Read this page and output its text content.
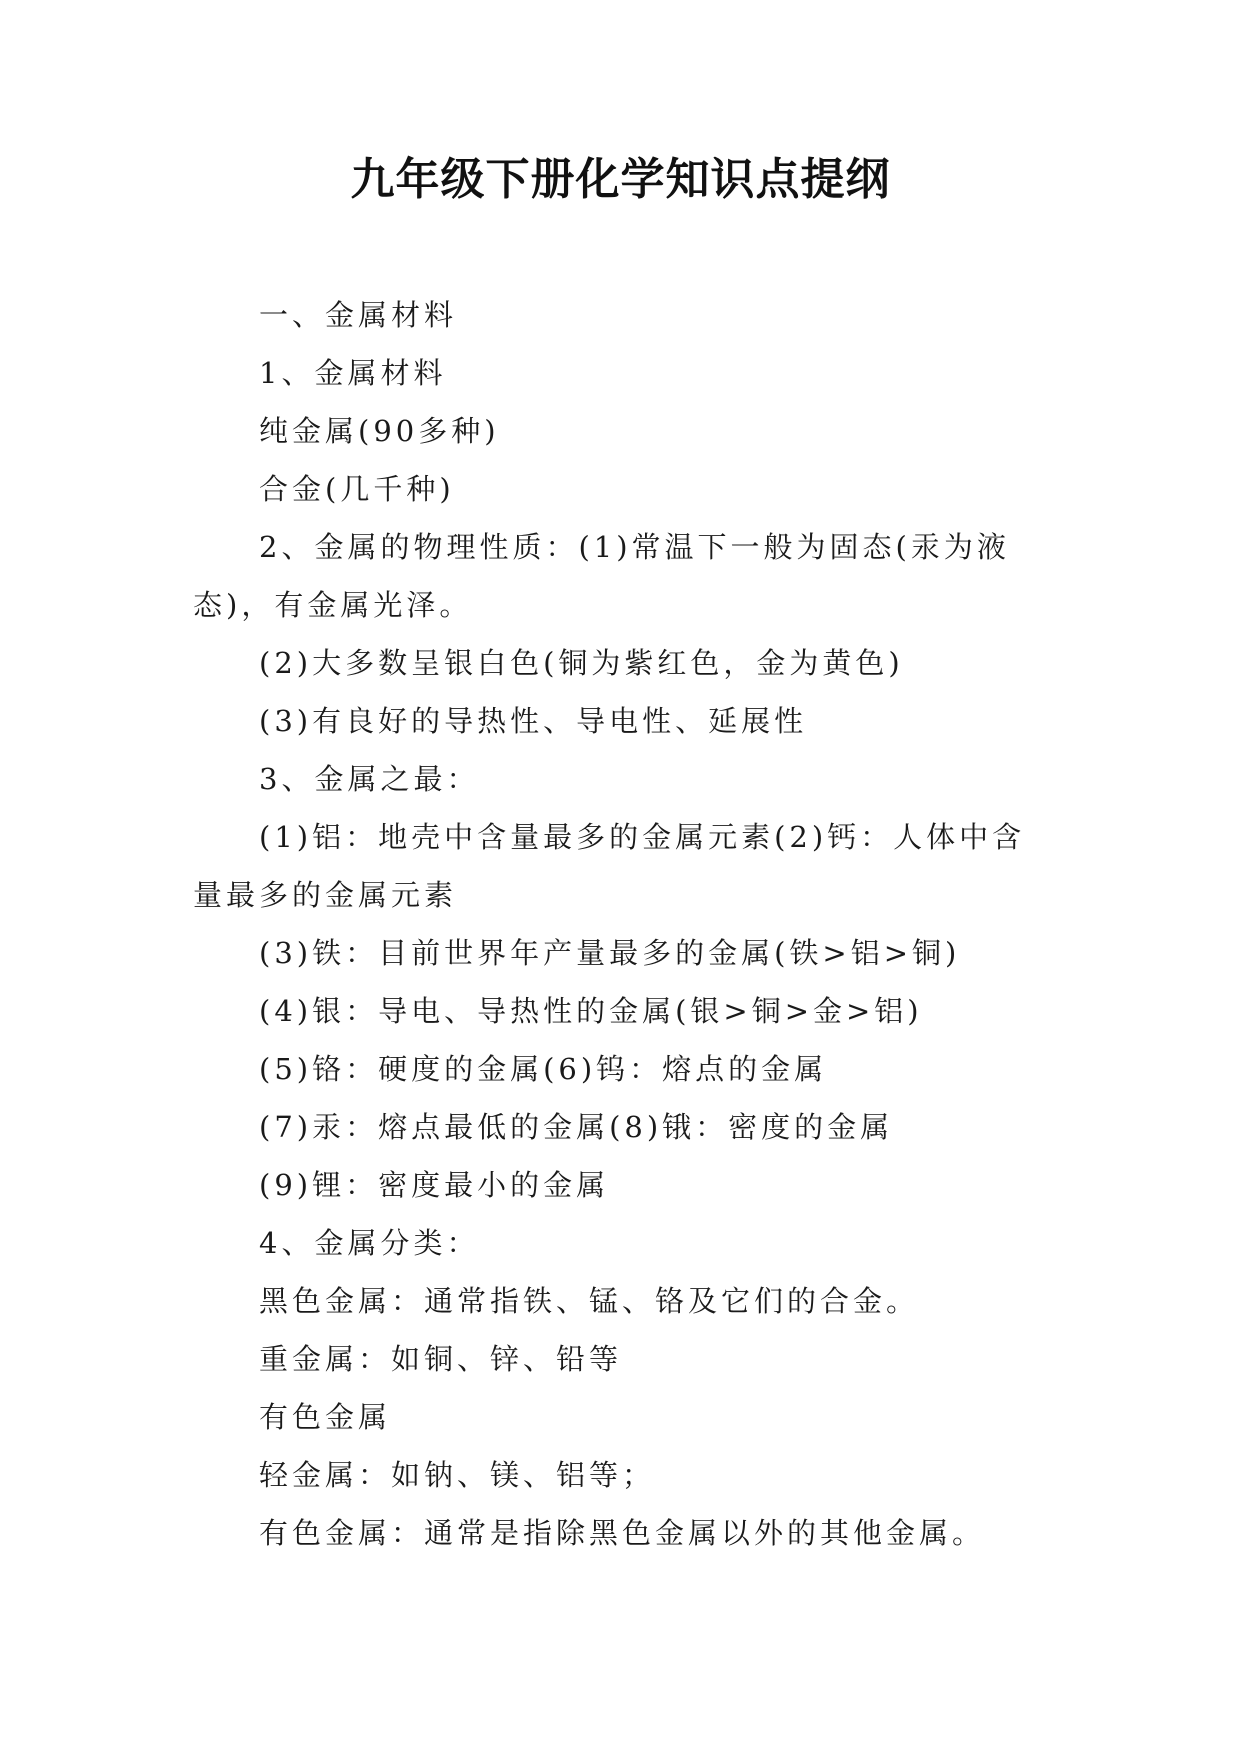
九年级下册化学知识点提纲

一、金属材料

1、金属材料

纯金属(90多种)

合金(几千种)

2、金属的物理性质：(1)常温下一般为固态(汞为液态)，有金属光泽。

(2)大多数呈银白色(铜为紫红色，金为黄色)

(3)有良好的导热性、导电性、延展性

3、金属之最：

(1)铝：地壳中含量最多的金属元素(2)钙：人体中含量最多的金属元素

(3)铁：目前世界年产量最多的金属(铁>铝>铜)

(4)银：导电、导热性的金属(银>铜>金>铝)

(5)铬：硬度的金属(6)钨：熔点的金属

(7)汞：熔点最低的金属(8)锇：密度的金属

(9)锂：密度最小的金属

4、金属分类：

黑色金属：通常指铁、锰、铬及它们的合金。

重金属：如铜、锌、铅等

有色金属

轻金属：如钠、镁、铝等；

有色金属：通常是指除黑色金属以外的其他金属。
